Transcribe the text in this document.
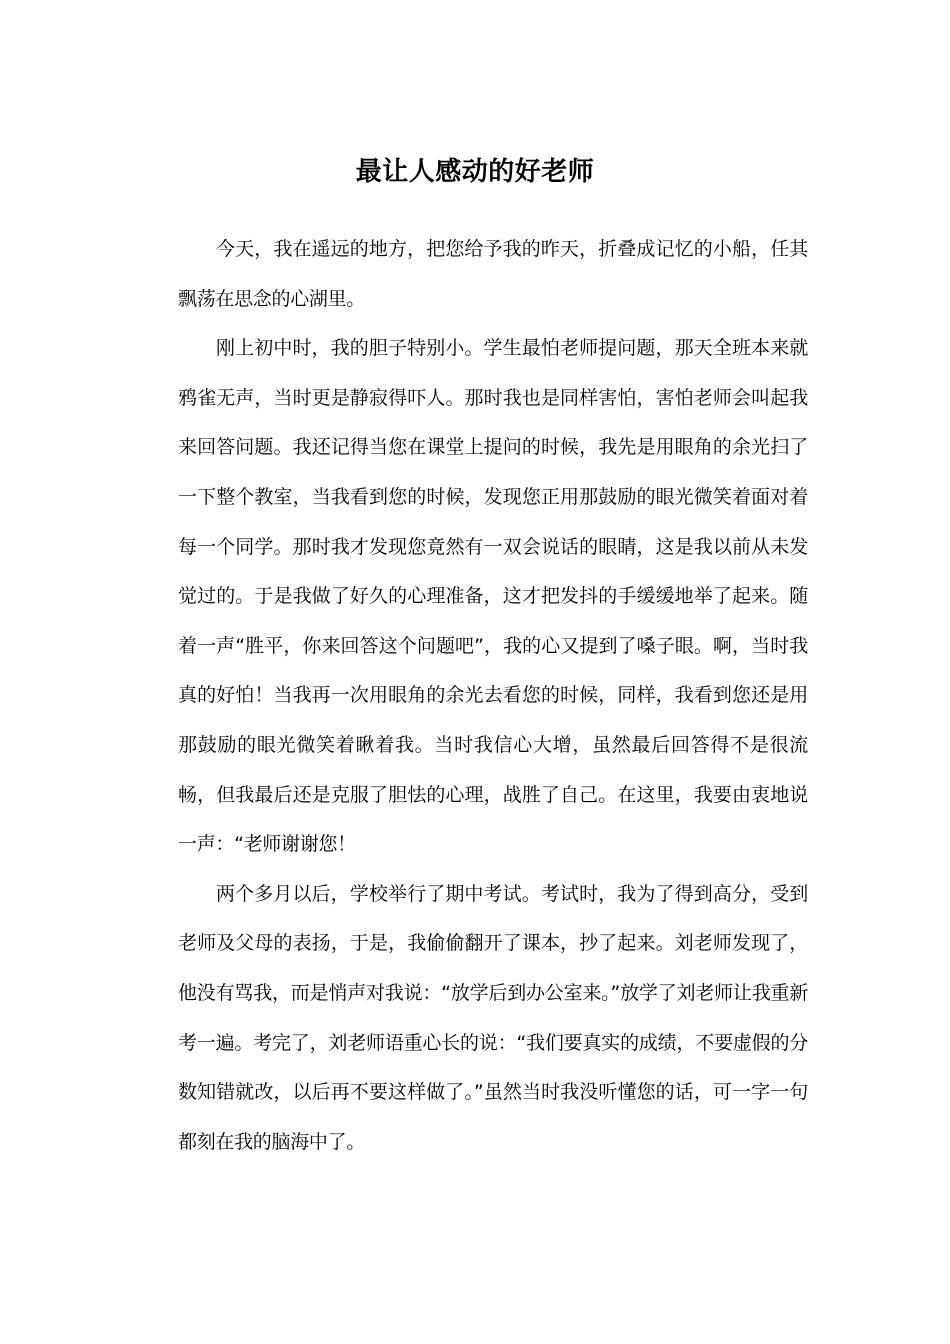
最让人感动的好老师

今天，我在遥远的地方，把您给予我的昨天，折叠成记忆的小船，任其飘荡在思念的心湖里。

刚上初中时，我的胆子特别小。学生最怕老师提问题，那天全班本来就鸦雀无声，当时更是静寂得吓人。那时我也是同样害怕，害怕老师会叫起我来回答问题。我还记得当您在课堂上提问的时候，我先是用眼角的余光扫了一下整个教室，当我看到您的时候，发现您正用那鼓励的眼光微笑着面对着每一个同学。那时我才发现您竟然有一双会说话的眼睛，这是我以前从未发觉过的。于是我做了好久的心理准备，这才把发抖的手缓缓地举了起来。随着一声“胜平，你来回答这个问题吧”，我的心又提到了嗓子眼。啊，当时我真的好怕！当我再一次用眼角的余光去看您的时候，同样，我看到您还是用那鼓励的眼光微笑着瞅着我。当时我信心大增，虽然最后回答得不是很流畅，但我最后还是克服了胆怯的心理，战胜了自己。在这里，我要由衷地说一声：“老师谢谢您！

两个多月以后，学校举行了期中考试。考试时，我为了得到高分，受到老师及父母的表扬，于是，我偷偷翻开了课本，抄了起来。刘老师发现了，他没有骂我，而是悄声对我说：“放学后到办公室来。”放学了刘老师让我重新考一遍。考完了，刘老师语重心长的说：“我们要真实的成绩，不要虚假的分数知错就改，以后再不要这样做了。”虽然当时我没听懂您的话，可一字一句都刻在我的脑海中了。
